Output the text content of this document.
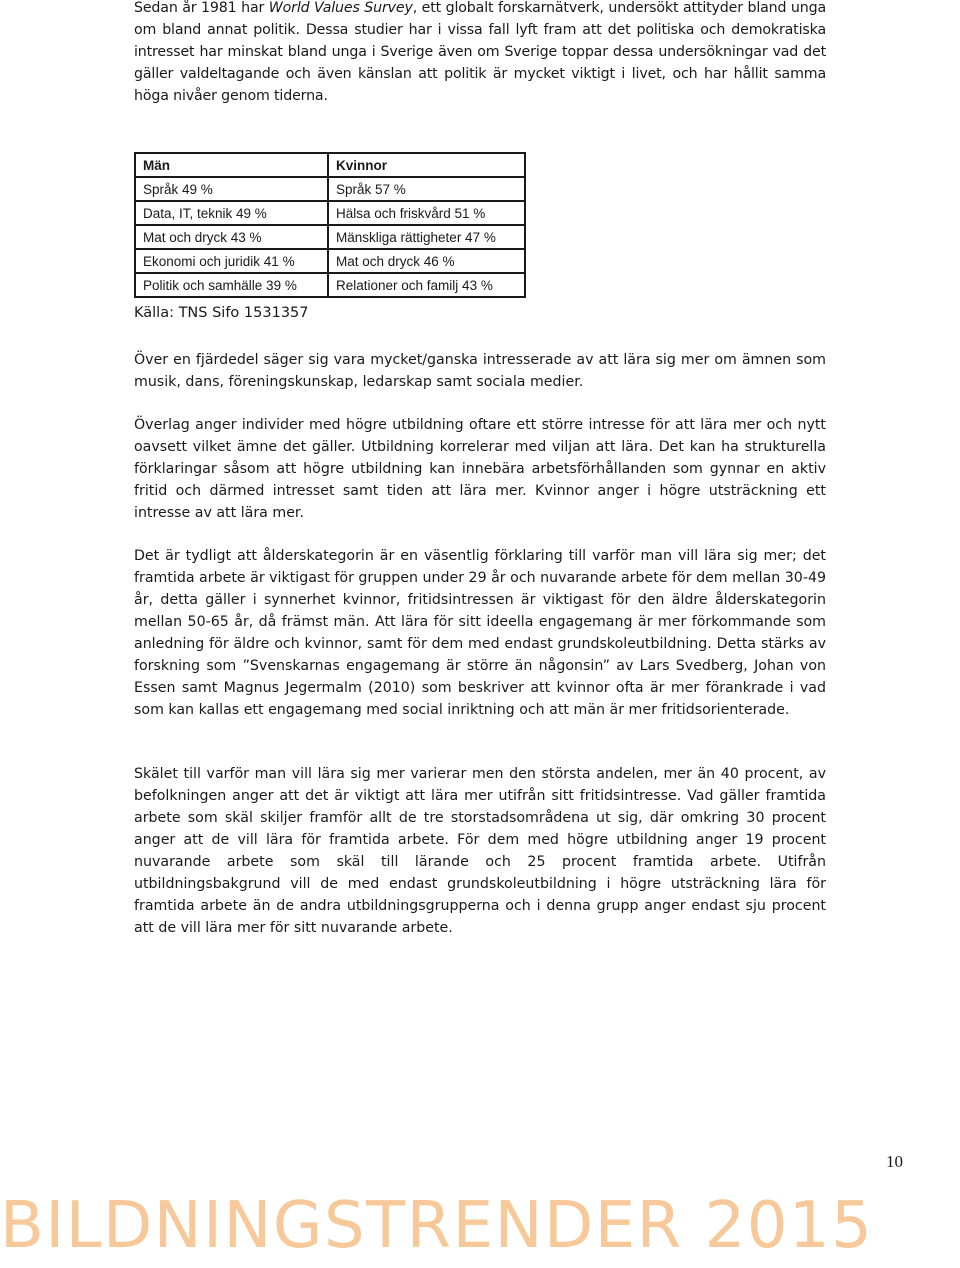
Sedan år 1981 har World Values Survey, ett globalt forskarnätverk, undersökt attityder bland unga om bland annat politik. Dessa studier har i vissa fall lyft fram att det politiska och demokratiska intresset har minskat bland unga i Sverige även om Sverige toppar dessa undersökningar vad det gäller valdeltagande och även känslan att politik är mycket viktigt i livet, och har hållit samma höga nivåer genom tiderna.

Män	Kvinnor
Språk 49 %	Språk 57 %
Data, IT, teknik 49 %	Hälsa och friskvård 51 %
Mat och dryck 43 %	Mänskliga rättigheter 47 %
Ekonomi och juridik 41 %	Mat och dryck 46 %
Politik och samhälle 39 %	Relationer och familj 43 %

Källa: TNS Sifo 1531357

Över en fjärdedel säger sig vara mycket/ganska intresserade av att lära sig mer om ämnen som musik, dans, föreningskunskap, ledarskap samt sociala medier.

Överlag anger individer med högre utbildning oftare ett större intresse för att lära mer och nytt oavsett vilket ämne det gäller. Utbildning korrelerar med viljan att lära. Det kan ha strukturella förklaringar såsom att högre utbildning kan innebära arbetsförhållanden som gynnar en aktiv fritid och därmed intresset samt tiden att lära mer. Kvinnor anger i högre utsträckning ett intresse av att lära mer.

Det är tydligt att ålderskategorin är en väsentlig förklaring till varför man vill lära sig mer; det framtida arbete är viktigast för gruppen under 29 år och nuvarande arbete för dem mellan 30-49 år, detta gäller i synnerhet kvinnor, fritidsintressen är viktigast för den äldre ålderskategorin mellan 50-65 år, då främst män. Att lära för sitt ideella engagemang är mer förkommande som anledning för äldre och kvinnor, samt för dem med endast grundskoleutbildning. Detta stärks av forskning som ”Svenskarnas engagemang är större än någonsin” av Lars Svedberg, Johan von Essen samt Magnus Jegermalm (2010) som beskriver att kvinnor ofta är mer förankrade i vad som kan kallas ett engagemang med social inriktning och att män är mer fritidsorienterade.

Skälet till varför man vill lära sig mer varierar men den största andelen, mer än 40 procent, av befolkningen anger att det är viktigt att lära mer utifrån sitt fritidsintresse. Vad gäller framtida arbete som skäl skiljer framför allt de tre storstadsområdena ut sig, där omkring 30 procent anger att de vill lära för framtida arbete. För dem med högre utbildning anger 19 procent nuvarande arbete som skäl till lärande och 25 procent framtida arbete. Utifrån utbildningsbakgrund vill de med endast grundskoleutbildning i högre utsträckning lära för framtida arbete än de andra utbildningsgrupperna och i denna grupp anger endast sju procent att de vill lära mer för sitt nuvarande arbete.

10
BILDNINGSTRENDER 2015
